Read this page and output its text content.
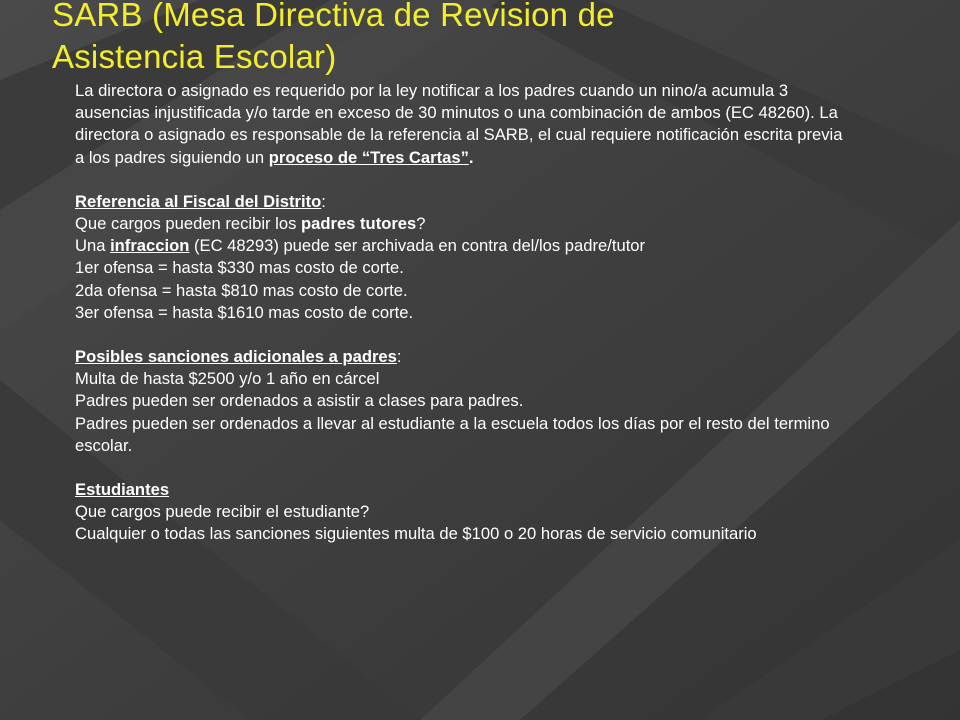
SARB (Mesa Directiva de Revision de
Asistencia Escolar)

La directora o asignado es requerido por la ley notificar a los padres cuando un nino/a acumula 3 ausencias injustificada y/o tarde en exceso de 30 minutos o una combinación de ambos (EC 48260). La directora o asignado es responsable de la referencia al SARB, el cual requiere notificación escrita previa a los padres siguiendo un proceso de “Tres Cartas”.

Referencia al Fiscal del Distrito:

Que cargos pueden recibir los padres tutores?

Una infraccion (EC 48293) puede ser archivada en contra del/los padre/tutor

1er ofensa = hasta $330 mas costo de corte.

2da ofensa = hasta $810 mas costo de corte.

3er ofensa = hasta $1610 mas costo de corte.

Posibles sanciones adicionales a padres:

Multa de hasta $2500 y/o 1 año en cárcel

Padres pueden ser ordenados a asistir a clases para padres.

Padres pueden ser ordenados a llevar al estudiante a la escuela todos los días por el resto del termino escolar.

Estudiantes

Que cargos puede recibir el estudiante?

Cualquier o todas las sanciones siguientes multa de $100 o 20 horas de servicio comunitario
